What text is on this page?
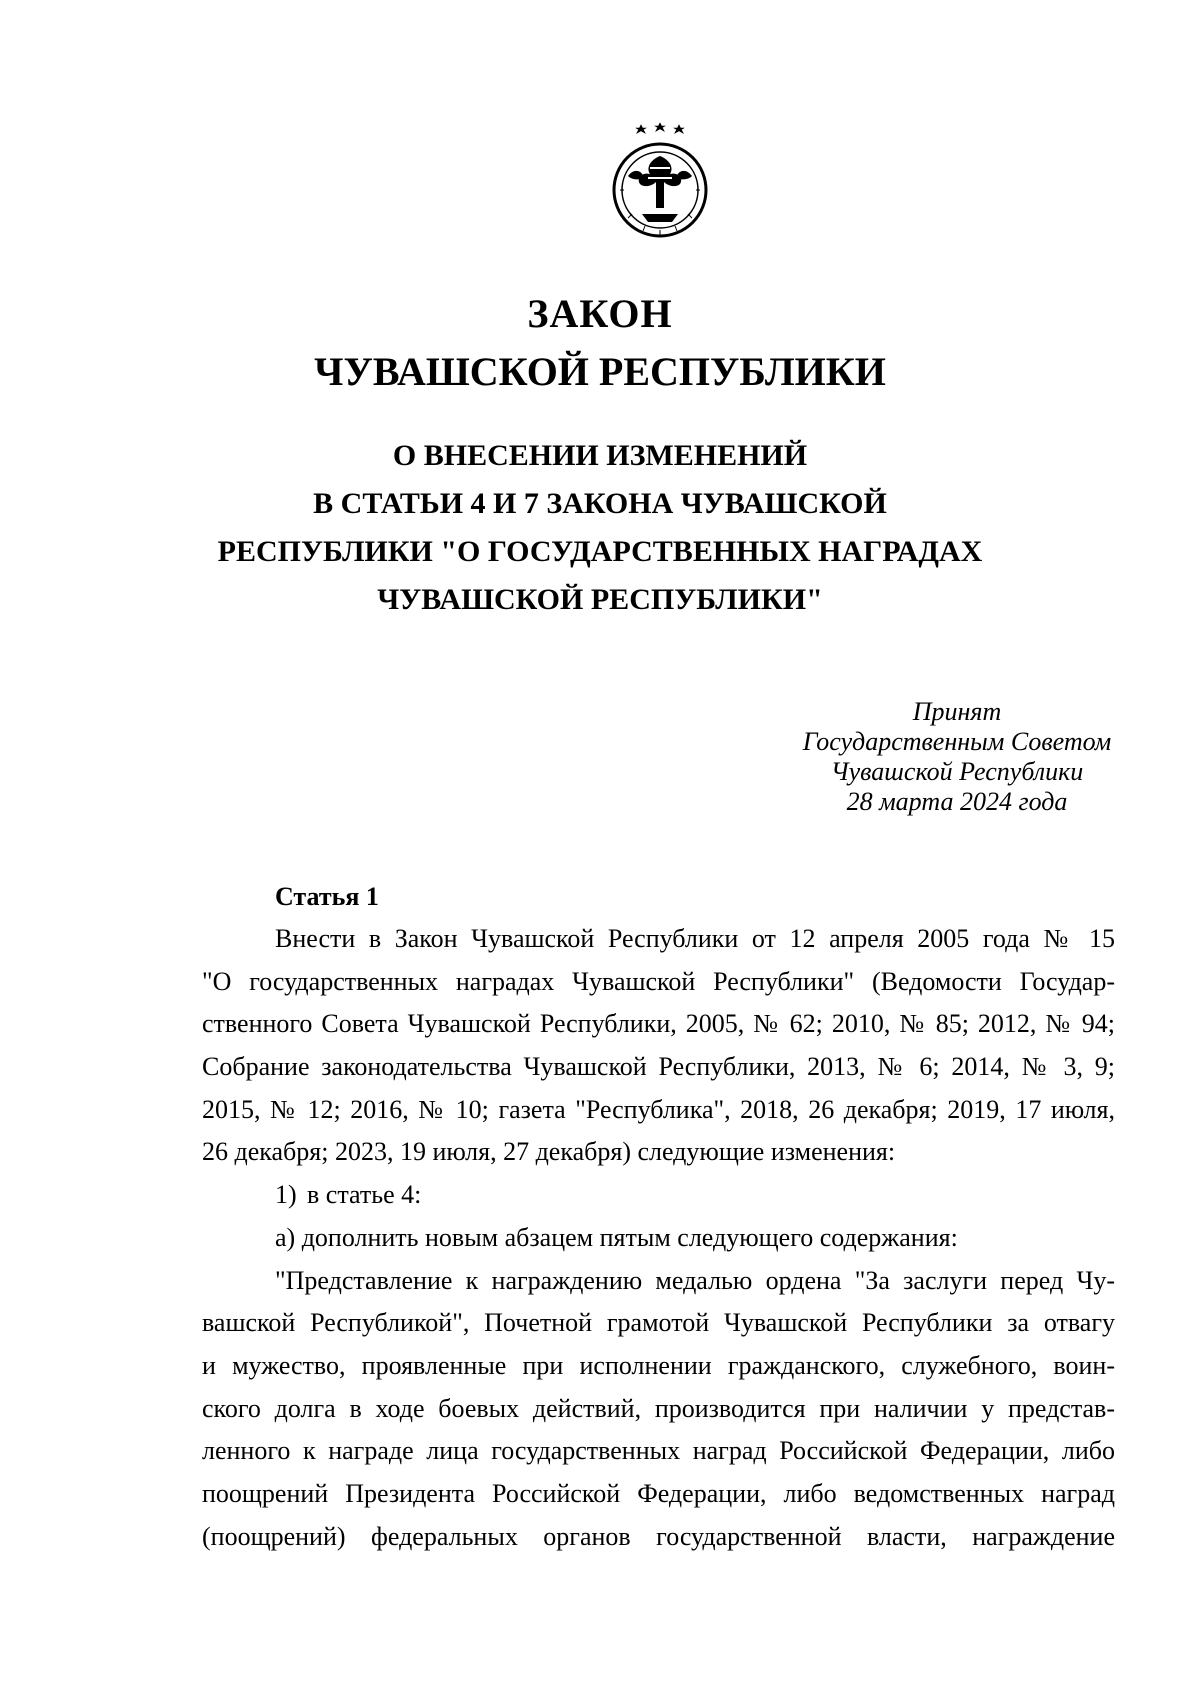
ЗАКОН
ЧУВАШСКОЙ РЕСПУБЛИКИ
О ВНЕСЕНИИ ИЗМЕНЕНИЙ
В СТАТЬИ 4 И 7 ЗАКОНА ЧУВАШСКОЙ
РЕСПУБЛИКИ "О ГОСУДАРСТВЕННЫХ НАГРАДАХ
ЧУВАШСКОЙ РЕСПУБЛИКИ"
Принят
Государственным Советом
Чувашской Республики
28 марта 2024 года
Статья 1
Внести в Закон Чувашской Республики от 12 апреля 2005 года № 15
"О государственных наградах Чувашской Республики" (Ведомости Государ-
ственного Совета Чувашской Республики, 2005, № 62; 2010, № 85; 2012, № 94;
Собрание законодательства Чувашской Республики, 2013, № 6; 2014, № 3, 9;
2015, № 12; 2016, № 10; газета "Республика", 2018, 26 декабря; 2019, 17 июля,
26 декабря; 2023, 19 июля, 27 декабря) следующие изменения:
1) в статье 4:
а) дополнить новым абзацем пятым следующего содержания:
"Представление к награждению медалью ордена "За заслуги перед Чу-
вашской Республикой", Почетной грамотой Чувашской Республики за отвагу
и мужество, проявленные при исполнении гражданского, служебного, воин-
ского долга в ходе боевых действий, производится при наличии у представ-
ленного к награде лица государственных наград Российской Федерации, либо
поощрений Президента Российской Федерации, либо ведомственных наград
(поощрений) федеральных органов государственной власти, награждение
